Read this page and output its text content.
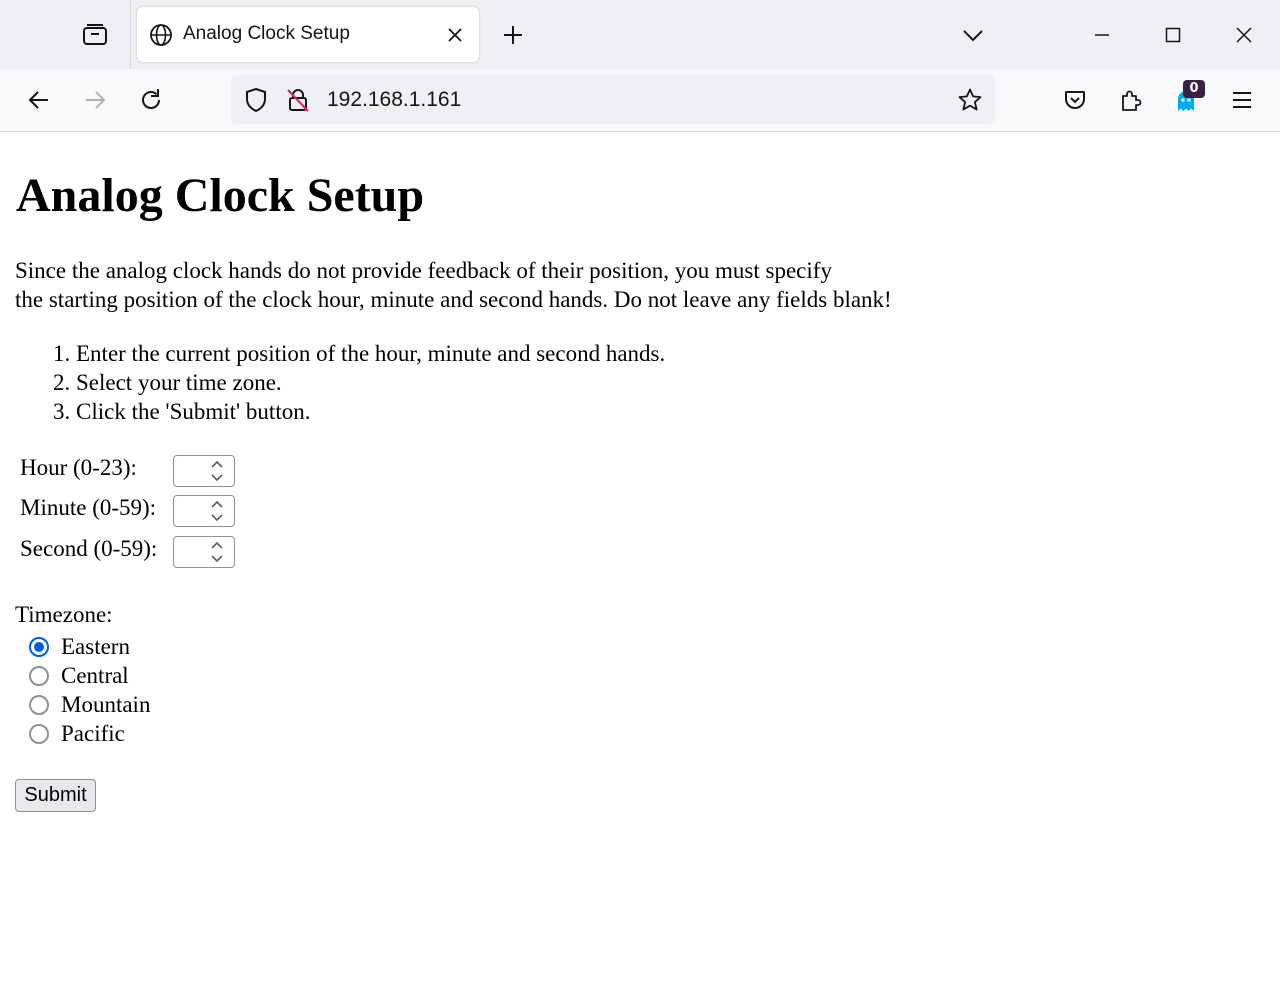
Analog Clock Setup
192.168.1.161	0
Analog Clock Setup

Since the analog clock hands do not provide feedback of their position, you must specify
the starting position of the clock hour, minute and second hands. Do not leave any fields blank!

1. Enter the current position of the hour, minute and second hands.
2. Select your time zone.
3. Click the 'Submit' button.
Hour (0-23):
Minute (0-59):
Second (0-59):
Timezone:
Eastern
Central
Mountain
Pacific
Submit
